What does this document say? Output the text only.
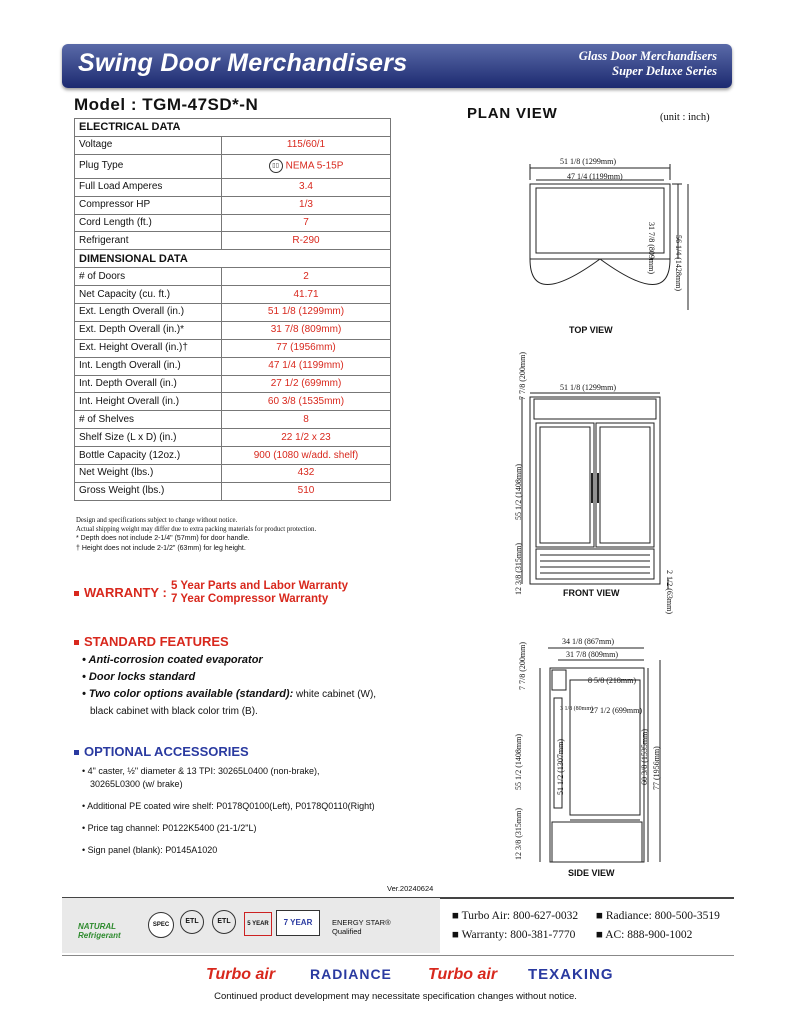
Swing Door Merchandisers	Glass Door Merchandisers
Super Deluxe Series
Model : TGM-47SD*-N
ELECTRICAL DATA	
Voltage	115/60/1
Plug Type	▯▯ NEMA 5-15P
Full Load Amperes	3.4
Compressor HP	1/3
Cord Length (ft.)	7
Refrigerant	R-290
DIMENSIONAL DATA	
# of Doors	2
Net Capacity (cu. ft.)	41.71
Ext. Length Overall (in.)	51 1/8 (1299mm)
Ext. Depth Overall (in.)*	31 7/8 (809mm)
Ext. Height Overall (in.)†	77 (1956mm)
Int. Length Overall (in.)	47 1/4 (1199mm)
Int. Depth Overall (in.)	27 1/2 (699mm)
Int. Height Overall (in.)	60 3/8 (1535mm)
# of Shelves	8
Shelf Size (L x D) (in.)	22 1/2 x 23
Bottle Capacity (12oz.)	900 (1080 w/add. shelf)
Net Weight (lbs.)	432
Gross Weight (lbs.)	510
Design and specifications subject to change without notice.
Actual shipping weight may differ due to extra packing materials for product protection.
* Depth does not include 2-1/4" (57mm) for door handle.
† Height does not include 2-1/2" (63mm) for leg height.
WARRANTY : 5 Year Parts and Labor Warranty
7 Year Compressor Warranty
STANDARD FEATURES
• Anti-corrosion coated evaporator
• Door locks standard
• Two color options available (standard): white cabinet (W),
black cabinet with black color trim (B).
OPTIONAL ACCESSORIES
• 4" caster, ½" diameter & 13 TPI: 30265L0400 (non-brake),
30265L0300 (w/ brake)
• Additional PE coated wire shelf: P0178Q0100(Left), P0178Q0110(Right)
• Price tag channel: P0122K5400 (21-1/2"L)
• Sign panel (blank): P0145A1020
Ver.20240624
PLAN VIEW	(unit : inch)
51 1/8 (1299mm)
47 1/4 (1199mm)
31 7/8 (809mm) 56 1/4 (1428mm)
TOP VIEW
51 1/8 (1299mm)
7 7/8 (200mm)
55 1/2 (1408mm)
12 3/8 (315mm)	2 1/2 (63mm)
FRONT VIEW
34 1/8 (867mm)
31 7/8 (809mm)
7 7/8 (200mm)	8 5/8 (218mm)
3 1/8 (80mm)
27 1/2 (699mm)
55 1/2 (1408mm)	51 1/2 (1307mm)	60 3/8 (1535mm) 77 (1956mm)
12 3/8 (315mm)
SIDE VIEW
NATURAL Refrigerant
SPEC	ETL	ETL	5 YEAR	7 YEAR	ENERGY STAR® Qualified
■ Turbo Air: 800-627-0032 ■ Radiance: 800-500-3519
■ Warranty: 800-381-7770 ■ AC: 888-900-1002
Turbo air RADIANCE Turbo air TEXAKING
Continued product development may necessitate specification changes without notice.
